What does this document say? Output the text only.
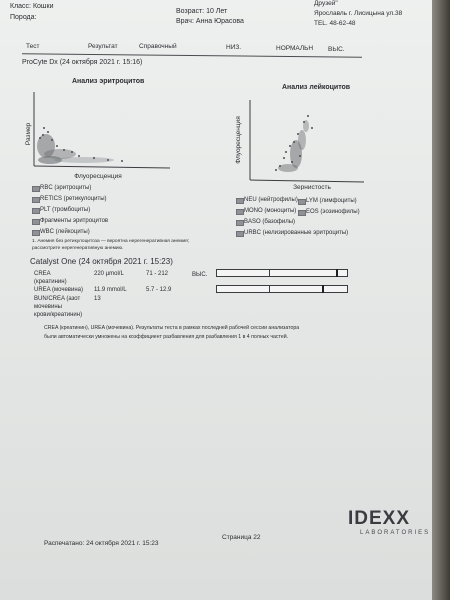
Класс: Кошки
Порода:
Возраст: 10 Лет
Врач: Анна Юрасова
Друзей"
Ярославль г. Лисицына ул.38
TEL. 48-62-48
Тест	Результат	Справочный	НИЗ.	НОРМАЛЬН ВЫС.
ProCyte Dx (24 октября 2021 г. 15:16)
Анализ эритроцитов
Размер
Флуоресценция
Анализ лейкоцитов
Флуоресценция
Зернистость
RBC (эритроциты)
RETICS (ретикулоциты)
PLT (тромбоциты)
Фрагменты эритроцитов
WBC (лейкоциты)
NEU (нейтрофилы) LYM (лимфоциты)
MONO (моноциты) EOS (эозинофилы)
BASO (базофилы)
URBC (нелизированные эритроциты)
1. Анемия без ретикулоцитоза — вероятна нерегенеративная анемия;
рассмотрите нерегенеративную анемию.
Catalyst One (24 октября 2021 г. 15:23)
CREA
(креатинин)
220 µmol/L	71 - 212	ВЫС.
UREA (мочевина) 11.9 mmol/L	5.7 - 12.9
BUN/CREA (азот
мочевины
крови/креатинин)
13
CREA (креатинин), UREA (мочевина). Результаты теста в рамках последней рабочей сессии анализатора
были автоматически умножены на коэффициент разбавления для разбавления 1 в 4 полных частей.
IDEXX
LABORATORIES
Распечатано: 24 октября 2021 г. 15:23
Страница 22
